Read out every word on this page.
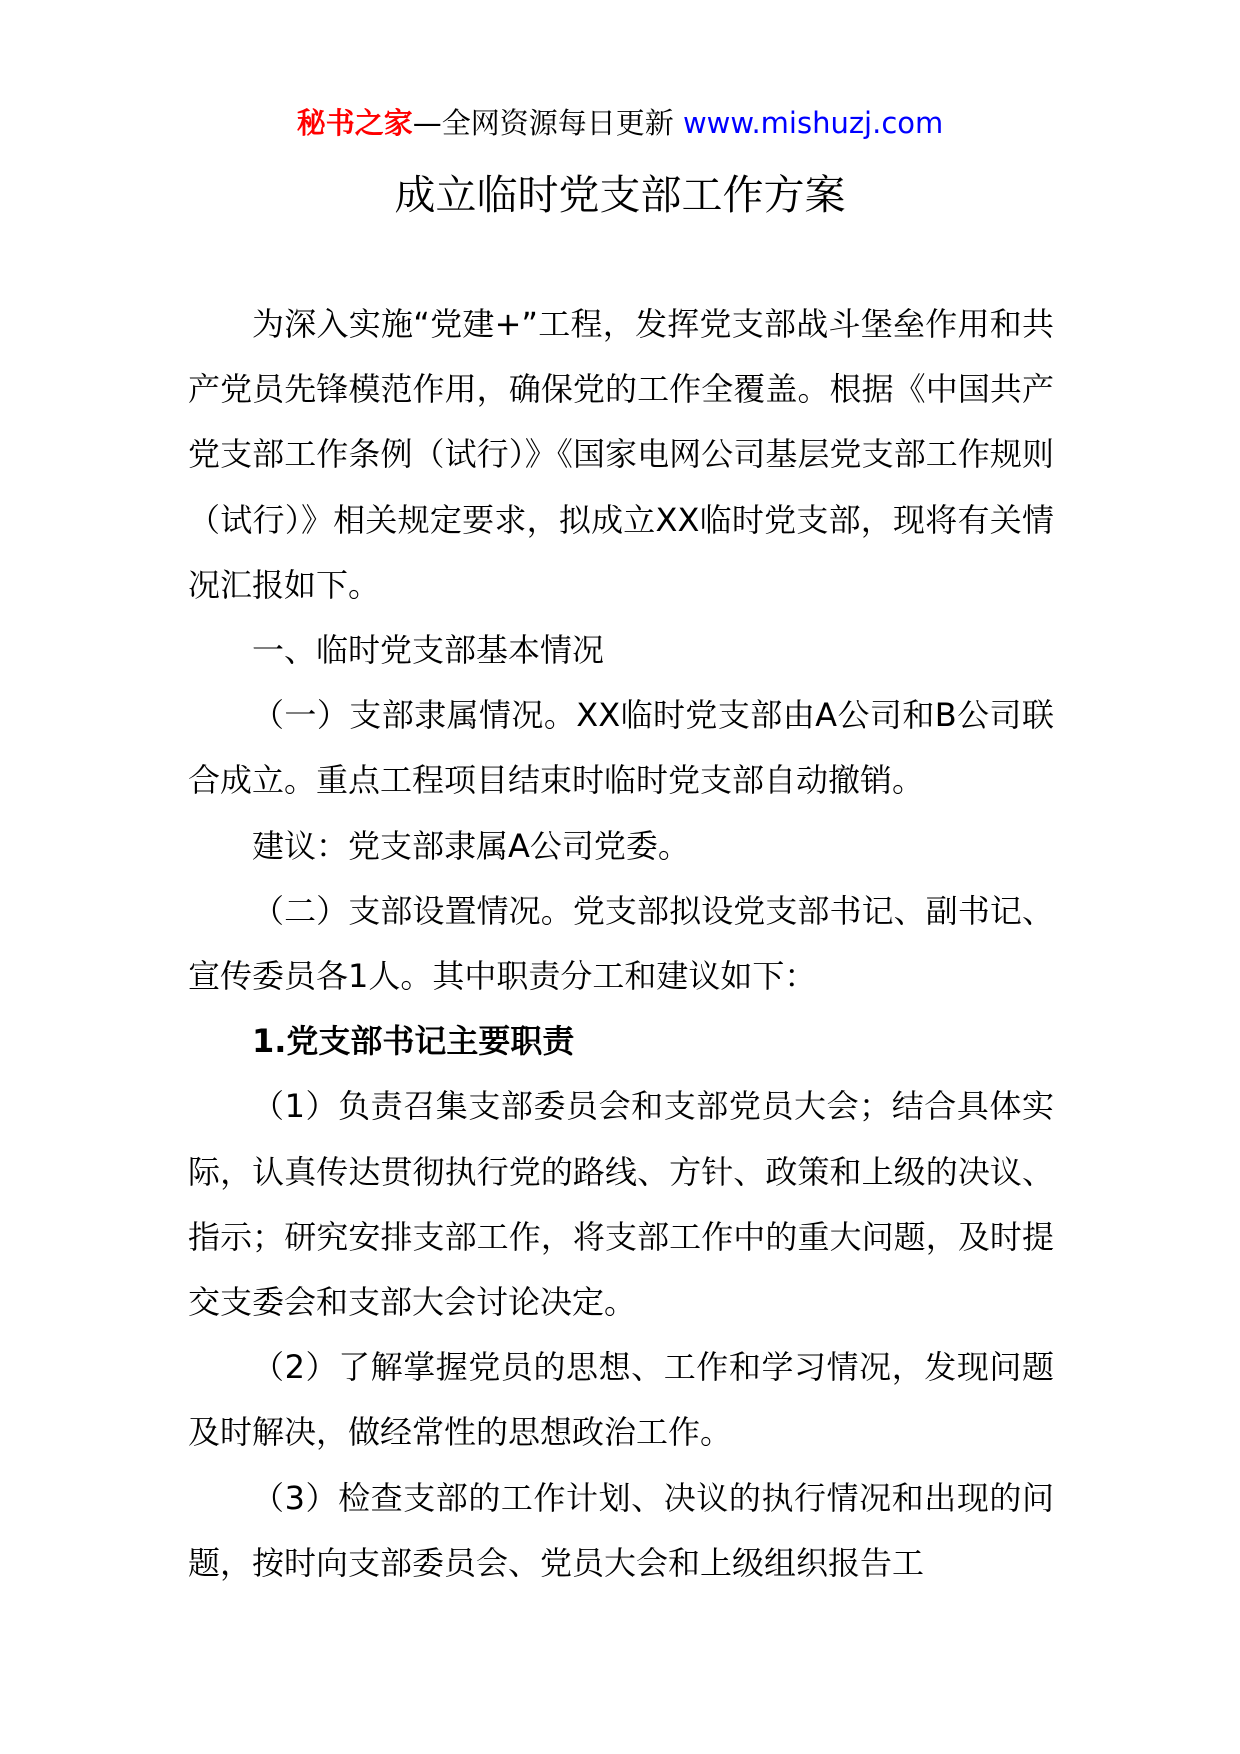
秘书之家—全网资源每日更新 www.mishuzj.com
成立临时党支部工作方案

为深入实施“党建+”工程，发挥党支部战斗堡垒作用和共产党员先锋模范作用，确保党的工作全覆盖。根据《中国共产党支部工作条例（试行）》《国家电网公司基层党支部工作规则（试行）》相关规定要求，拟成立XX临时党支部，现将有关情况汇报如下。

一、临时党支部基本情况

（一）支部隶属情况。XX临时党支部由A公司和B公司联合成立。重点工程项目结束时临时党支部自动撤销。

建议：党支部隶属A公司党委。

（二）支部设置情况。党支部拟设党支部书记、副书记、宣传委员各1人。其中职责分工和建议如下：

1.党支部书记主要职责

（1）负责召集支部委员会和支部党员大会；结合具体实际，认真传达贯彻执行党的路线、方针、政策和上级的决议、指示；研究安排支部工作，将支部工作中的重大问题，及时提交支委会和支部大会讨论决定。

（2）了解掌握党员的思想、工作和学习情况，发现问题及时解决，做经常性的思想政治工作。

（3）检查支部的工作计划、决议的执行情况和出现的问题，按时向支部委员会、党员大会和上级组织报告工
